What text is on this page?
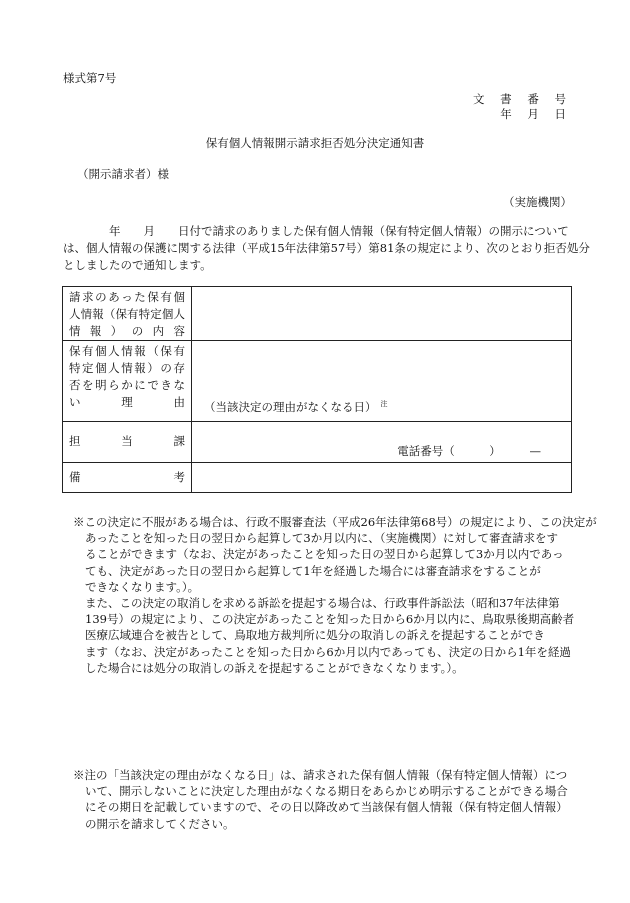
様式第7号
文 書 番 号
年 月 日
保有個人情報開示請求拒否処分決定通知書
（開示請求者）様
（実施機関）
　　　　年　　月　　日付で請求のありました保有個人情報（保有特定個人情報）の開示について
は、個人情報の保護に関する法律（平成15年法律第57号）第81条の規定により、次のとおり拒否処分
としましたので通知します。
請求のあった保有個
人情報（保有特定個人
情報）の内容	

保有個人情報（保有
特定個人情報）の存
否を明らかにできな
い理由	（当該決定の理由がなくなる日） $^注$

担当課	電話番号（　　　）　　　—

備考	

※この決定に不服がある場合は、行政不服審査法（平成26年法律第68号）の規定により、この決定が
あったことを知った日の翌日から起算して3か月以内に、（実施機関）に対して審査請求をす
ることができます（なお、決定があったことを知った日の翌日から起算して3か月以内であっ
ても、決定があった日の翌日から起算して1年を経過した場合には審査請求をすることが
できなくなります。）。
また、この決定の取消しを求める訴訟を提起する場合は、行政事件訴訟法（昭和37年法律第
139号）の規定により、この決定があったことを知った日から6か月以内に、鳥取県後期高齢者
医療広域連合を被告として、鳥取地方裁判所に処分の取消しの訴えを提起することができ
ます（なお、決定があったことを知った日から6か月以内であっても、決定の日から1年を経過
した場合には処分の取消しの訴えを提起することができなくなります。）。
※注の「当該決定の理由がなくなる日」は、請求された保有個人情報（保有特定個人情報）につ
いて、開示しないことに決定した理由がなくなる期日をあらかじめ明示することができる場合
にその期日を記載していますので、その日以降改めて当該保有個人情報（保有特定個人情報）
の開示を請求してください。
